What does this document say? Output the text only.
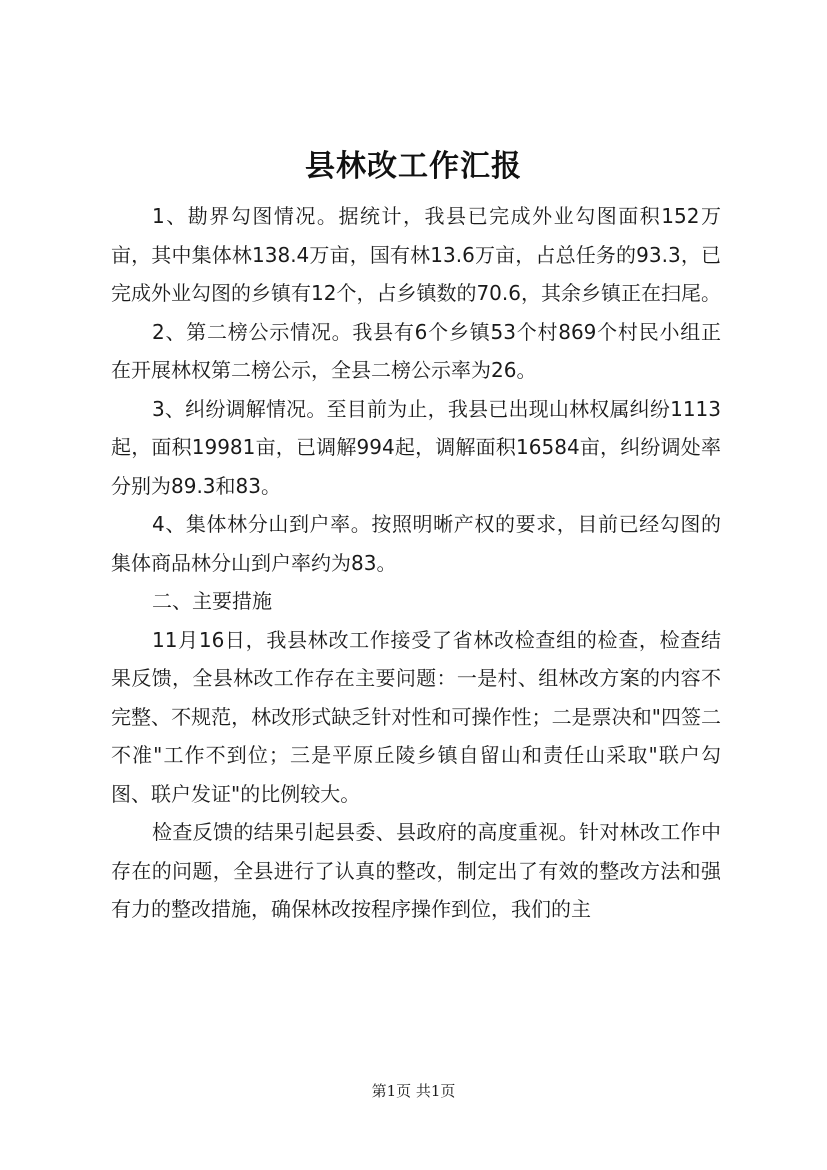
县林改工作汇报

1、勘界勾图情况。据统计，我县已完成外业勾图面积152万亩，其中集体林138.4万亩，国有林13.6万亩，占总任务的93.3，已完成外业勾图的乡镇有12个，占乡镇数的70.6，其余乡镇正在扫尾。

2、第二榜公示情况。我县有6个乡镇53个村869个村民小组正在开展林权第二榜公示，全县二榜公示率为26。

3、纠纷调解情况。至目前为止，我县已出现山林权属纠纷1113起，面积19981亩，已调解994起，调解面积16584亩，纠纷调处率分别为89.3和83。

4、集体林分山到户率。按照明晰产权的要求，目前已经勾图的集体商品林分山到户率约为83。

二、主要措施

11月16日，我县林改工作接受了省林改检查组的检查，检查结果反馈，全县林改工作存在主要问题：一是村、组林改方案的内容不完整、不规范，林改形式缺乏针对性和可操作性；二是票决和"四签二不准"工作不到位；三是平原丘陵乡镇自留山和责任山采取"联户勾图、联户发证"的比例较大。

检查反馈的结果引起县委、县政府的高度重视。针对林改工作中存在的问题，全县进行了认真的整改，制定出了有效的整改方法和强有力的整改措施，确保林改按程序操作到位，我们的主

第1页 共1页
